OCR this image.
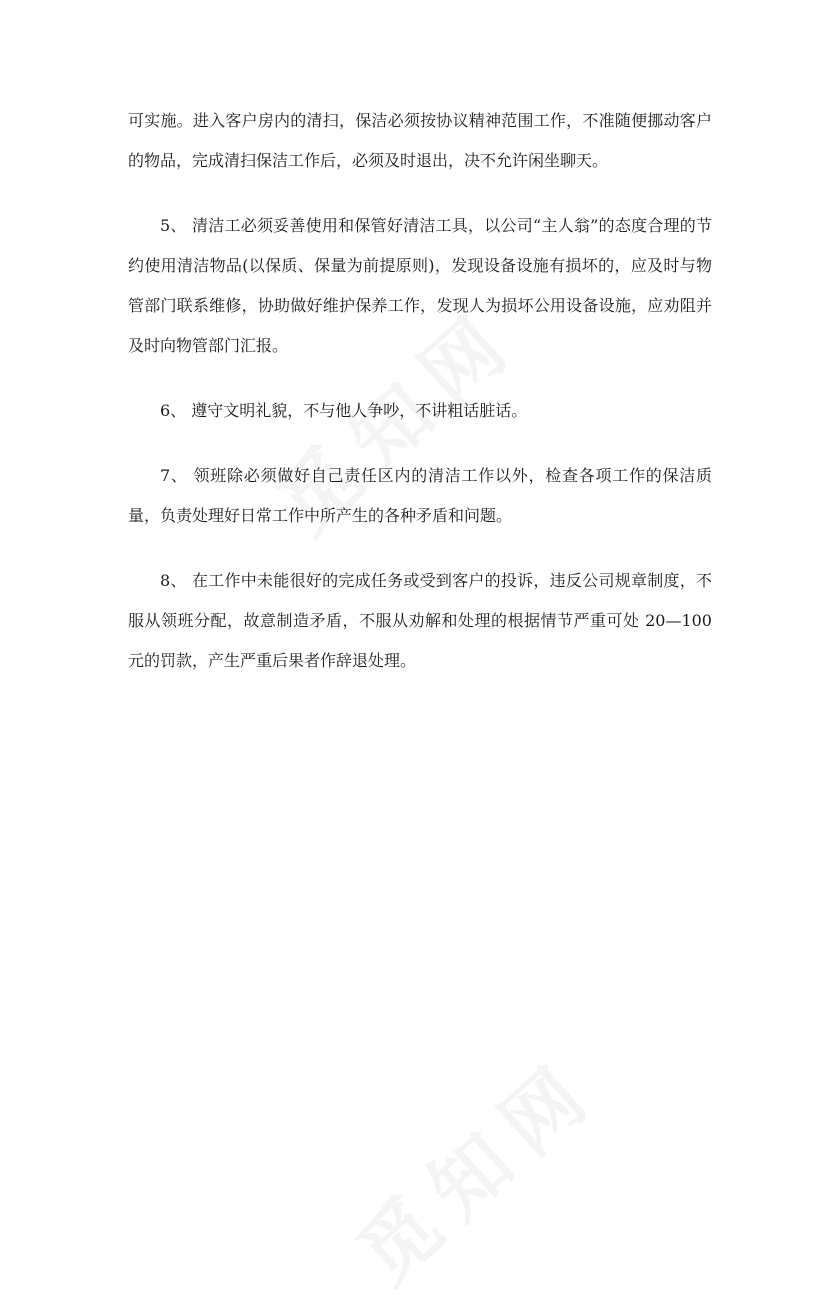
可实施。进入客户房内的清扫，保洁必须按协议精神范围工作，不准随便挪动客户的物品，完成清扫保洁工作后，必须及时退出，决不允许闲坐聊天。

5、 清洁工必须妥善使用和保管好清洁工具，以公司“主人翁”的态度合理的节约使用清洁物品(以保质、保量为前提原则)，发现设备设施有损坏的，应及时与物管部门联系维修，协助做好维护保养工作，发现人为损坏公用设备设施，应劝阻并及时向物管部门汇报。

6、 遵守文明礼貌，不与他人争吵，不讲粗话脏话。

7、 领班除必须做好自己责任区内的清洁工作以外，检查各项工作的保洁质量，负责处理好日常工作中所产生的各种矛盾和问题。

8、 在工作中未能很好的完成任务或受到客户的投诉，违反公司规章制度，不服从领班分配，故意制造矛盾，不服从劝解和处理的根据情节严重可处 20—100 元的罚款，产生严重后果者作辞退处理。
